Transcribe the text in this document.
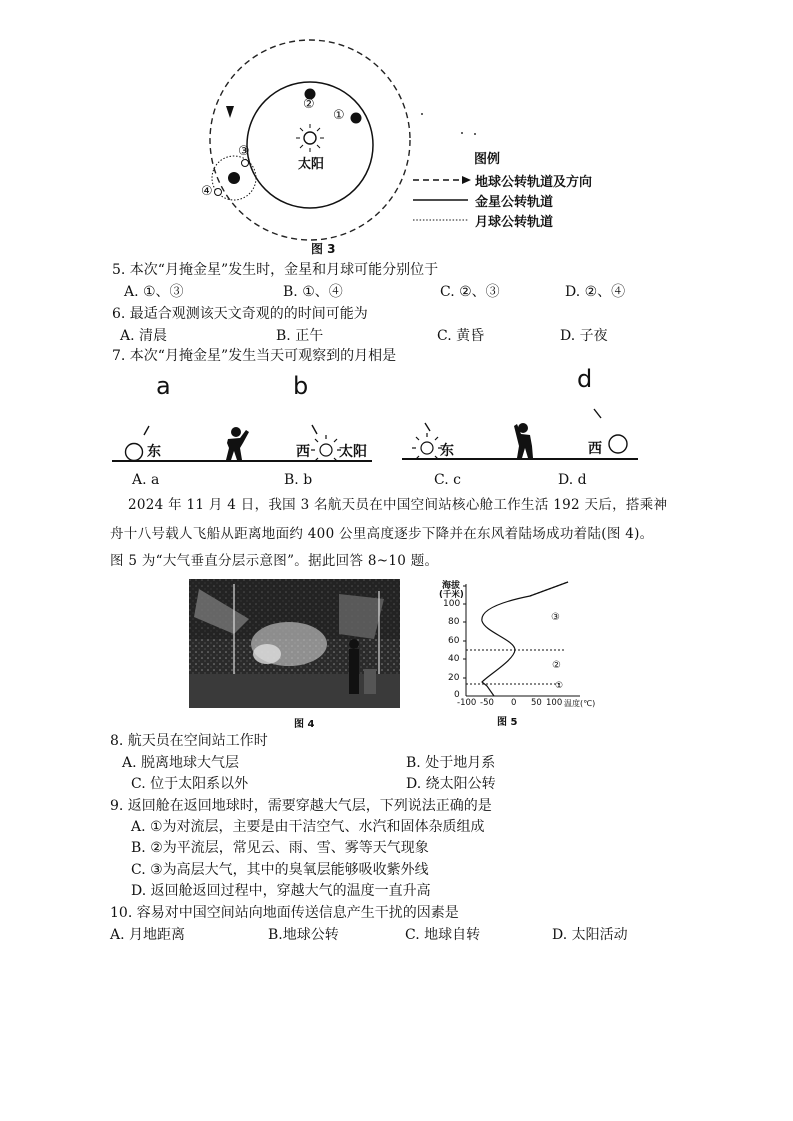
太阳
①
②
③
④
图例
地球公转轨道及方向
金星公转轨道
月球公转轨道
图 3
5. 本次“月掩金星”发生时，金星和月球可能分别位于
A. ①、③	B. ①、④	C. ②、③	D. ②、④
6. 最适合观测该天文奇观的的时间可能为
A. 清晨	B. 正午	C. 黄昏	D. 子夜
7. 本次“月掩金星”发生当天可观察到的月相是
a	b	d
东	西 太阳	东	西
A. a	B. b	C. c	D. d
2024 年 11 月 4 日，我国 3 名航天员在中国空间站核心舱工作生活 192 天后，搭乘神
舟十八号载人飞船从距离地面约 400 公里高度逐步下降并在东风着陆场成功着陆(图 4)。
图 5 为“大气垂直分层示意图”。据此回答 8~10 题。
图 4
海拔
(千米)
100
80
60
40
20
0
-100 -50 0 50 100 温度(℃)
①
②
③
图 5
8. 航天员在空间站工作时
A. 脱离地球大气层	B. 处于地月系
C. 位于太阳系以外	D. 绕太阳公转
9. 返回舱在返回地球时，需要穿越大气层，下列说法正确的是
A. ①为对流层，主要是由干洁空气、水汽和固体杂质组成
B. ②为平流层，常见云、雨、雪、雾等天气现象
C. ③为高层大气，其中的臭氧层能够吸收紫外线
D. 返回舱返回过程中，穿越大气的温度一直升高
10. 容易对中国空间站向地面传送信息产生干扰的因素是
A. 月地距离	B.地球公转	C. 地球自转	D. 太阳活动
